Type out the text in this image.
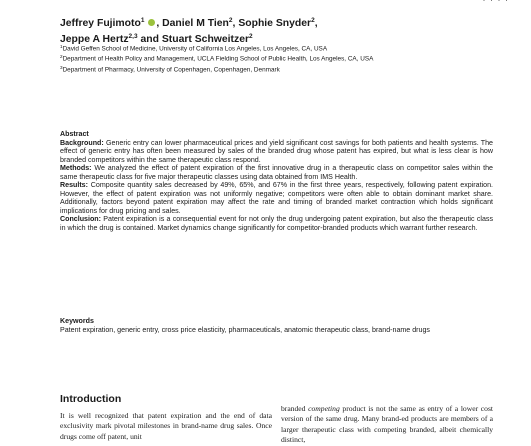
· · · ·
Jeffrey Fujimoto$^1$ , Daniel M Tien$^2$, Sophie Snyder$^2$,
Jeppe A Hertz$^{2,3}$ and Stuart Schweitzer$^2$
$^1$David Geffen School of Medicine, University of California Los Angeles, Los Angeles, CA, USA
$^2$Department of Health Policy and Management, UCLA Fielding School of Public Health, Los Angeles, CA, USA
$^3$Department of Pharmacy, University of Copenhagen, Copenhagen, Denmark
Abstract

Background: Generic entry can lower pharmaceutical prices and yield significant cost savings for both patients and health systems. The effect of generic entry has often been measured by sales of the branded drug whose patent has expired, but what is less clear is how branded competitors within the same therapeutic class respond.

Methods: We analyzed the effect of patent expiration of the first innovative drug in a therapeutic class on competitor sales within the same therapeutic class for five major therapeutic classes using data obtained from IMS Health.

Results: Composite quantity sales decreased by 49%, 65%, and 67% in the first three years, respectively, following patent expiration. However, the effect of patent expiration was not uniformly negative; competitors were often able to obtain dominant market share. Additionally, factors beyond patent expiration may affect the rate and timing of branded market contraction which holds significant implications for drug pricing and sales.

Conclusion: Patent expiration is a consequential event for not only the drug undergoing patent expiration, but also the therapeutic class in which the drug is contained. Market dynamics change significantly for competitor-branded products which warrant further research.

Keywords
Patent expiration, generic entry, cross price elasticity, pharmaceuticals, anatomic therapeutic class, brand-name drugs
Introduction
It is well recognized that patent expiration and the end of data exclusivity mark pivotal milestones in brand-name drug sales. Once drugs come off patent, unit
branded competing product is not the same as entry of a lower cost version of the same drug. Many brand-ed products are members of a larger therapeutic class with competing branded, albeit chemically distinct,
